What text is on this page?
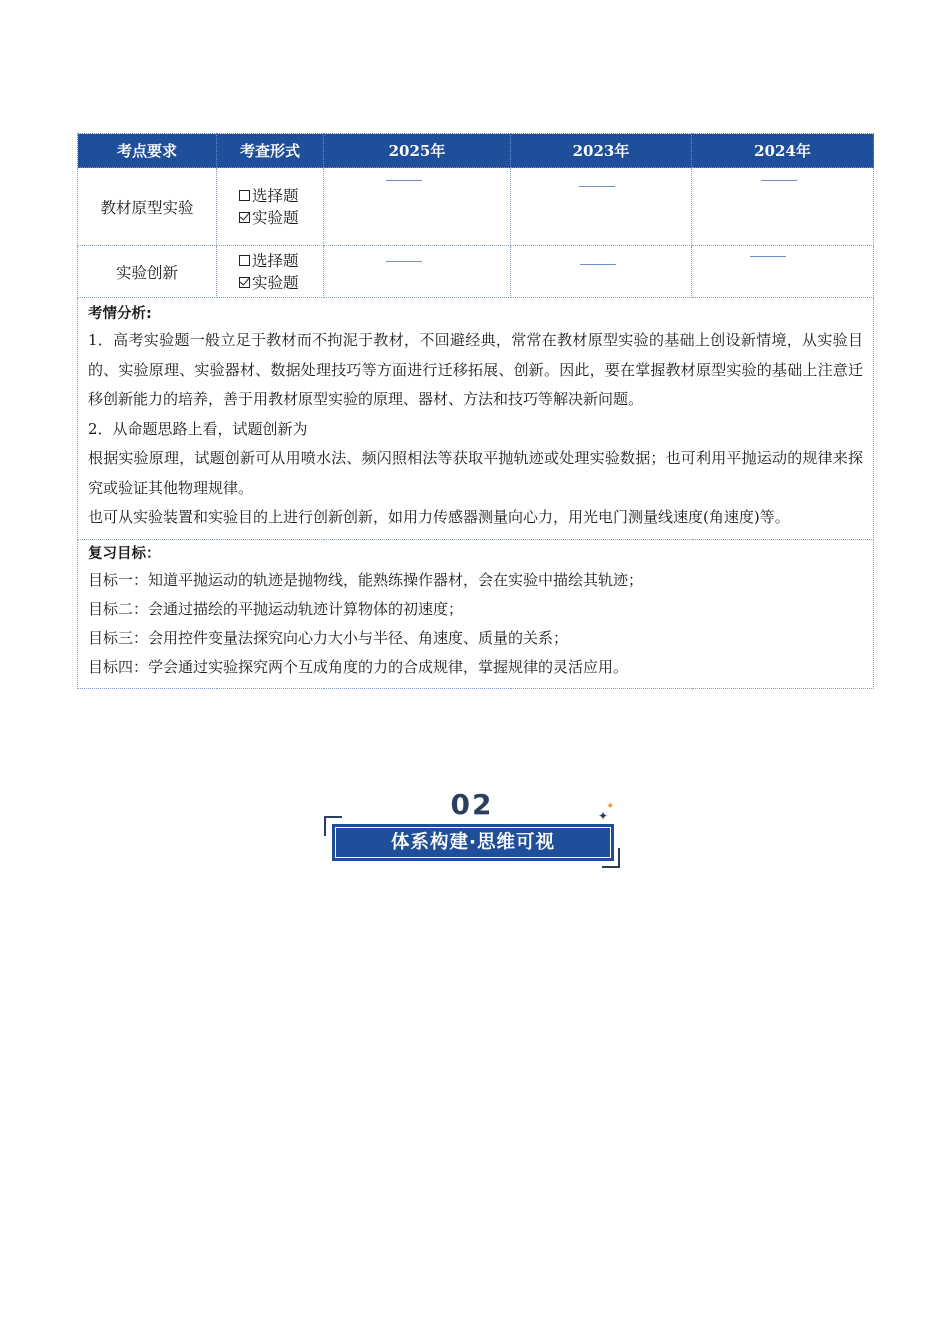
考点要求	考查形式	2025年	2023年	2024年
教材原型实验	选择题
实验题			

实验创新	选择题
实验题			

考情分析:

1．高考实验题一般立足于教材而不拘泥于教材，不回避经典，常常在教材原型实验的基础上创设新情境，从实验目的、实验原理、实验器材、数据处理技巧等方面进行迁移拓展、创新。因此，要在掌握教材原型实验的基础上注意迁移创新能力的培养，善于用教材原型实验的原理、器材、方法和技巧等解决新问题。

2．从命题思路上看，试题创新为

根据实验原理，试题创新可从用喷水法、频闪照相法等获取平抛轨迹或处理实验数据；也可利用平抛运动的规律来探究或验证其他物理规律。

也可从实验装置和实验目的上进行创新创新，如用力传感器测量向心力，用光电门测量线速度(角速度)等。				

复习目标：

目标一：知道平抛运动的轨迹是抛物线，能熟练操作器材，会在实验中描绘其轨迹；

目标二：会通过描绘的平抛运动轨迹计算物体的初速度；

目标三：会用控件变量法探究向心力大小与半径、角速度、质量的关系；

目标四：学会通过实验探究两个互成角度的力的合成规律，掌握规律的灵活应用。				

02
体系构建·思维可视
✦
✦
